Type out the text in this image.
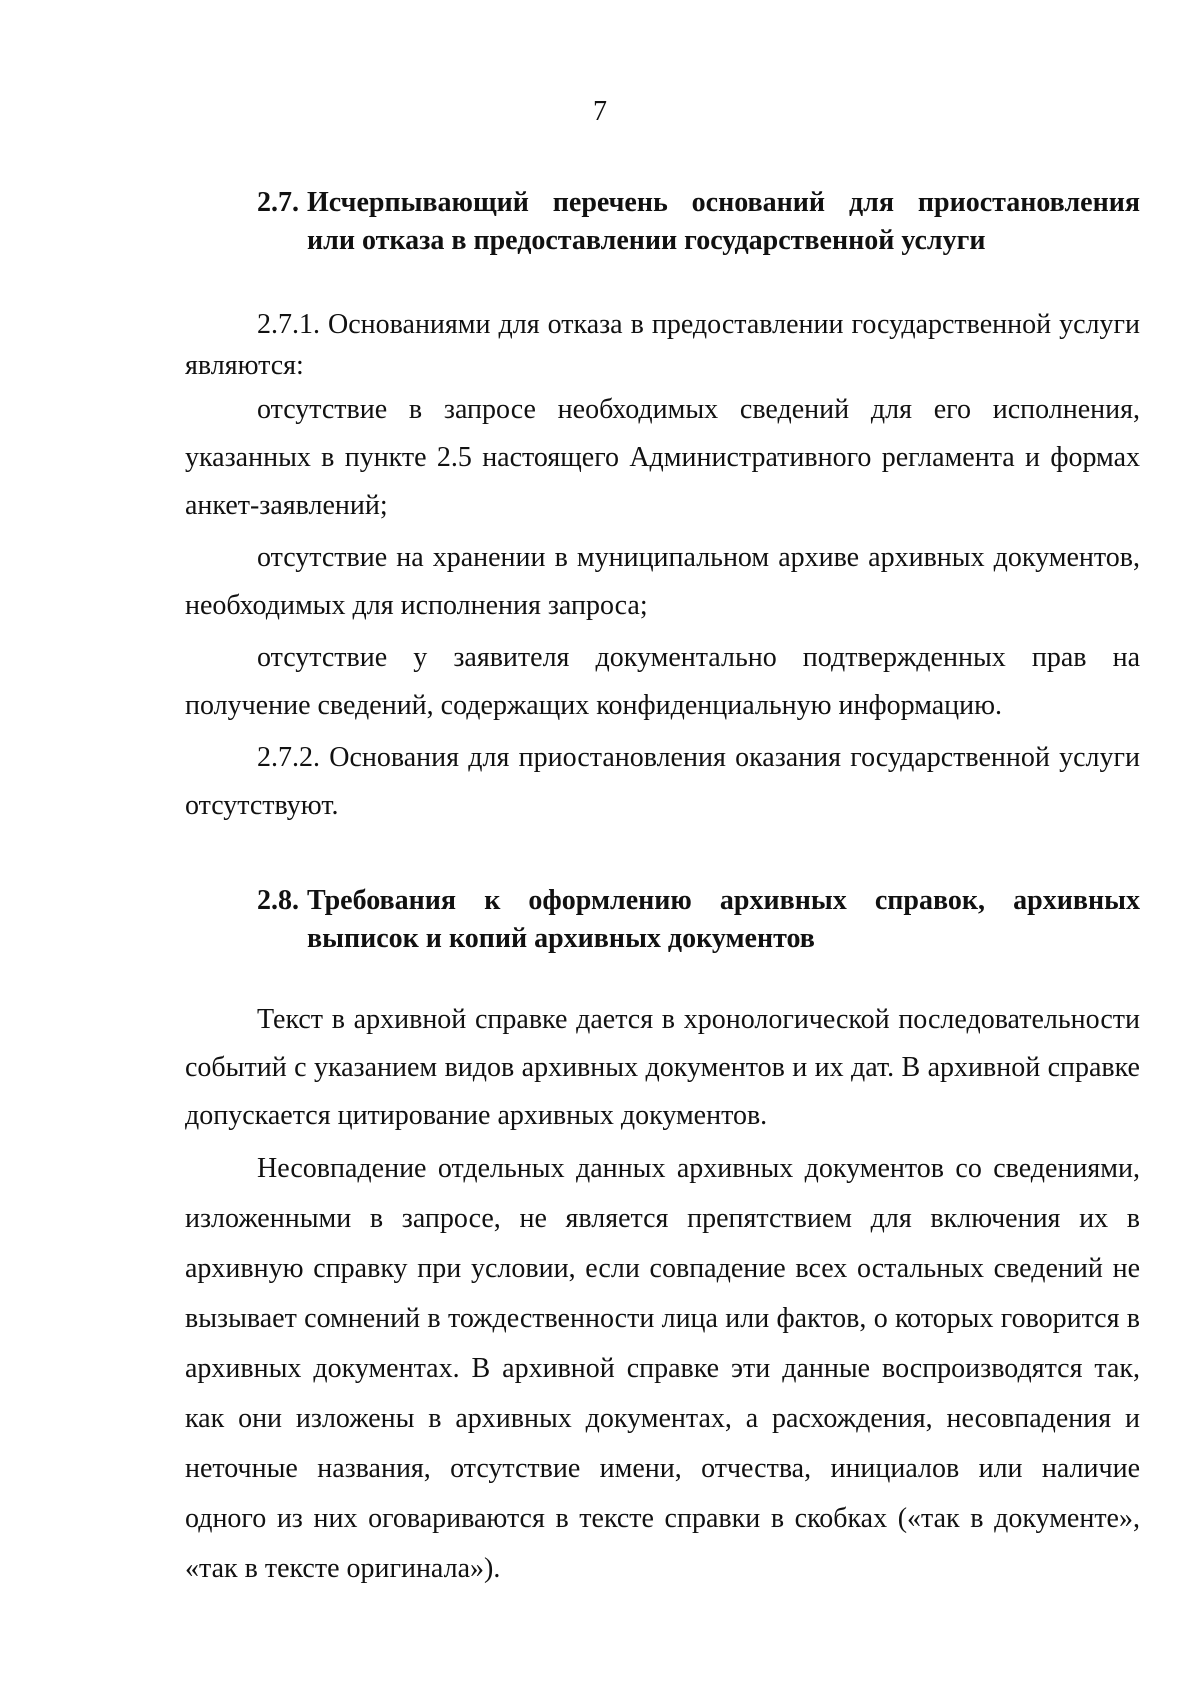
7
2.7. Исчерпывающий перечень оснований для приостановления
или отказа в предоставлении государственной услуги

2.7.1. Основаниями для отказа в предоставлении государственной услуги являются:

отсутствие в запросе необходимых сведений для его исполнения, указанных в пункте 2.5 настоящего Административного регламента и формах анкет-заявлений;

отсутствие на хранении в муниципальном архиве архивных документов, необходимых для исполнения запроса;

отсутствие у заявителя документально подтвержденных прав на получение сведений, содержащих конфиденциальную информацию.

2.7.2. Основания для приостановления оказания государственной услуги отсутствуют.

2.8. Требования к оформлению архивных справок, архивных
выписок и копий архивных документов

Текст в архивной справке дается в хронологической последовательности событий с указанием видов архивных документов и их дат. В архивной справке допускается цитирование архивных документов.

Несовпадение отдельных данных архивных документов со сведениями, изложенными в запросе, не является препятствием для включения их в архивную справку при условии, если совпадение всех остальных сведений не вызывает сомнений в тождественности лица или фактов, о которых говорится в архивных документах. В архивной справке эти данные воспроизводятся так, как они изложены в архивных документах, а расхождения, несовпадения и неточные названия, отсутствие имени, отчества, инициалов или наличие одного из них оговариваются в тексте справки в скобках («так в документе», «так в тексте оригинала»).
